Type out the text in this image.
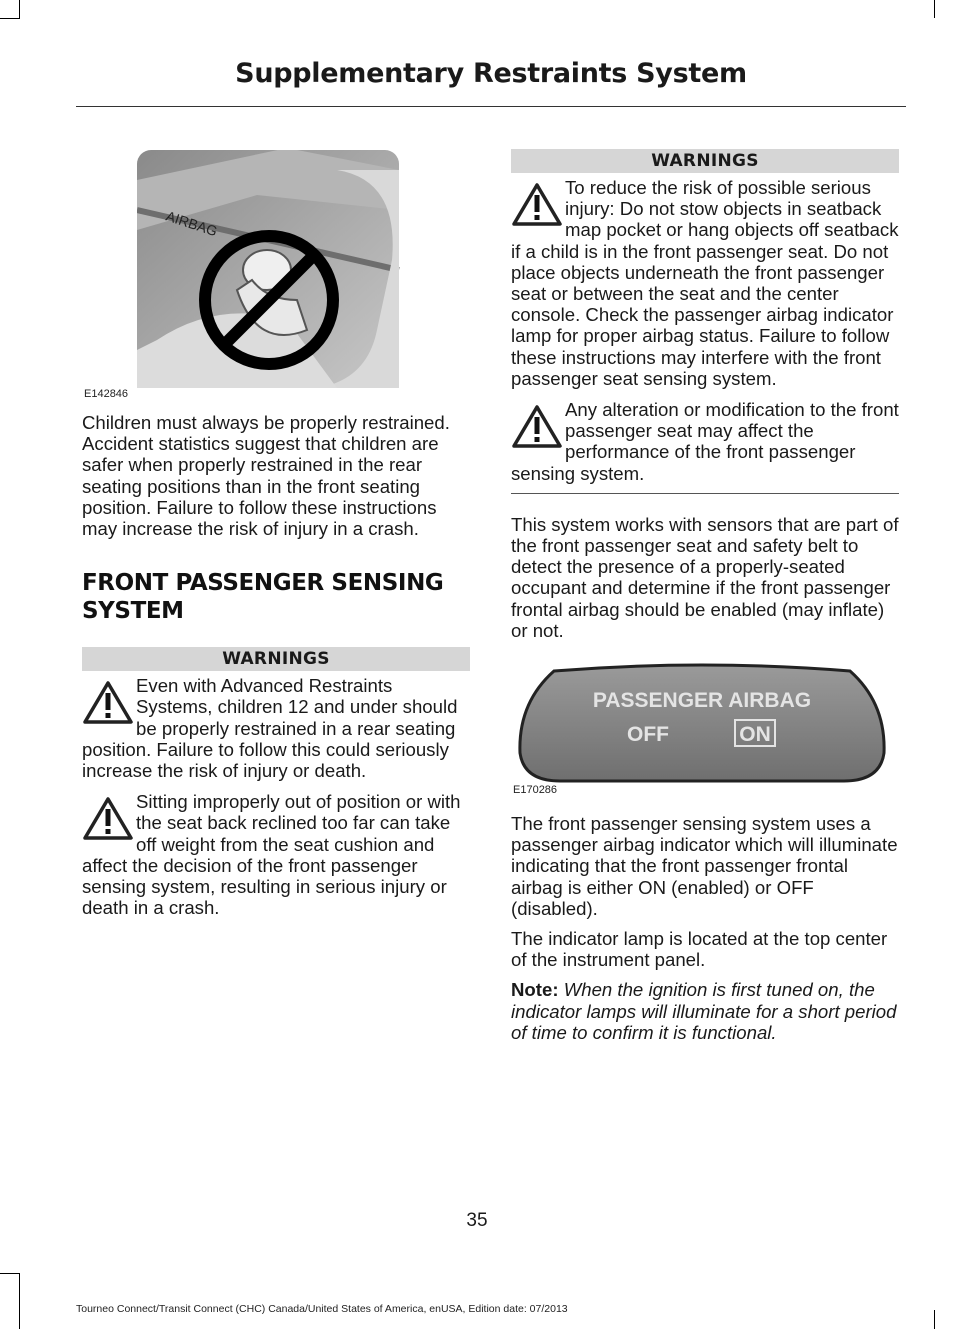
Supplementary Restraints System
AIRBAG
E142846

Children must always be properly restrained. Accident statistics suggest that children are safer when properly restrained in the rear seating positions than in the front seating position. Failure to follow these instructions may increase the risk of injury in a crash.

FRONT PASSENGER SENSING SYSTEM
WARNINGS
Even with Advanced Restraints Systems, children 12 and under should be properly restrained in a rear seating position. Failure to follow this could seriously increase the risk of injury or death.
Sitting improperly out of position or with the seat back reclined too far can take off weight from the seat cushion and affect the decision of the front passenger sensing system, resulting in serious injury or death in a crash.
WARNINGS
To reduce the risk of possible serious injury: Do not stow objects in seatback map pocket or hang objects off seatback if a child is in the front passenger seat. Do not place objects underneath the front passenger seat or between the seat and the center console. Check the passenger airbag indicator lamp for proper airbag status. Failure to follow these instructions may interfere with the front passenger seat sensing system.
Any alteration or modification to the front passenger seat may affect the performance of the front passenger sensing system.

This system works with sensors that are part of the front passenger seat and safety belt to detect the presence of a properly-seated occupant and determine if the front passenger frontal airbag should be enabled (may inflate) or not.

PASSENGER AIRBAG
OFF	ON
E170286

The front passenger sensing system uses a passenger airbag indicator which will illuminate indicating that the front passenger frontal airbag is either ON (enabled) or OFF (disabled).

The indicator lamp is located at the top center of the instrument panel.

Note: When the ignition is first tuned on, the indicator lamps will illuminate for a short period of time to confirm it is functional.

35
Tourneo Connect/Transit Connect (CHC) Canada/United States of America, enUSA, Edition date: 07/2013
